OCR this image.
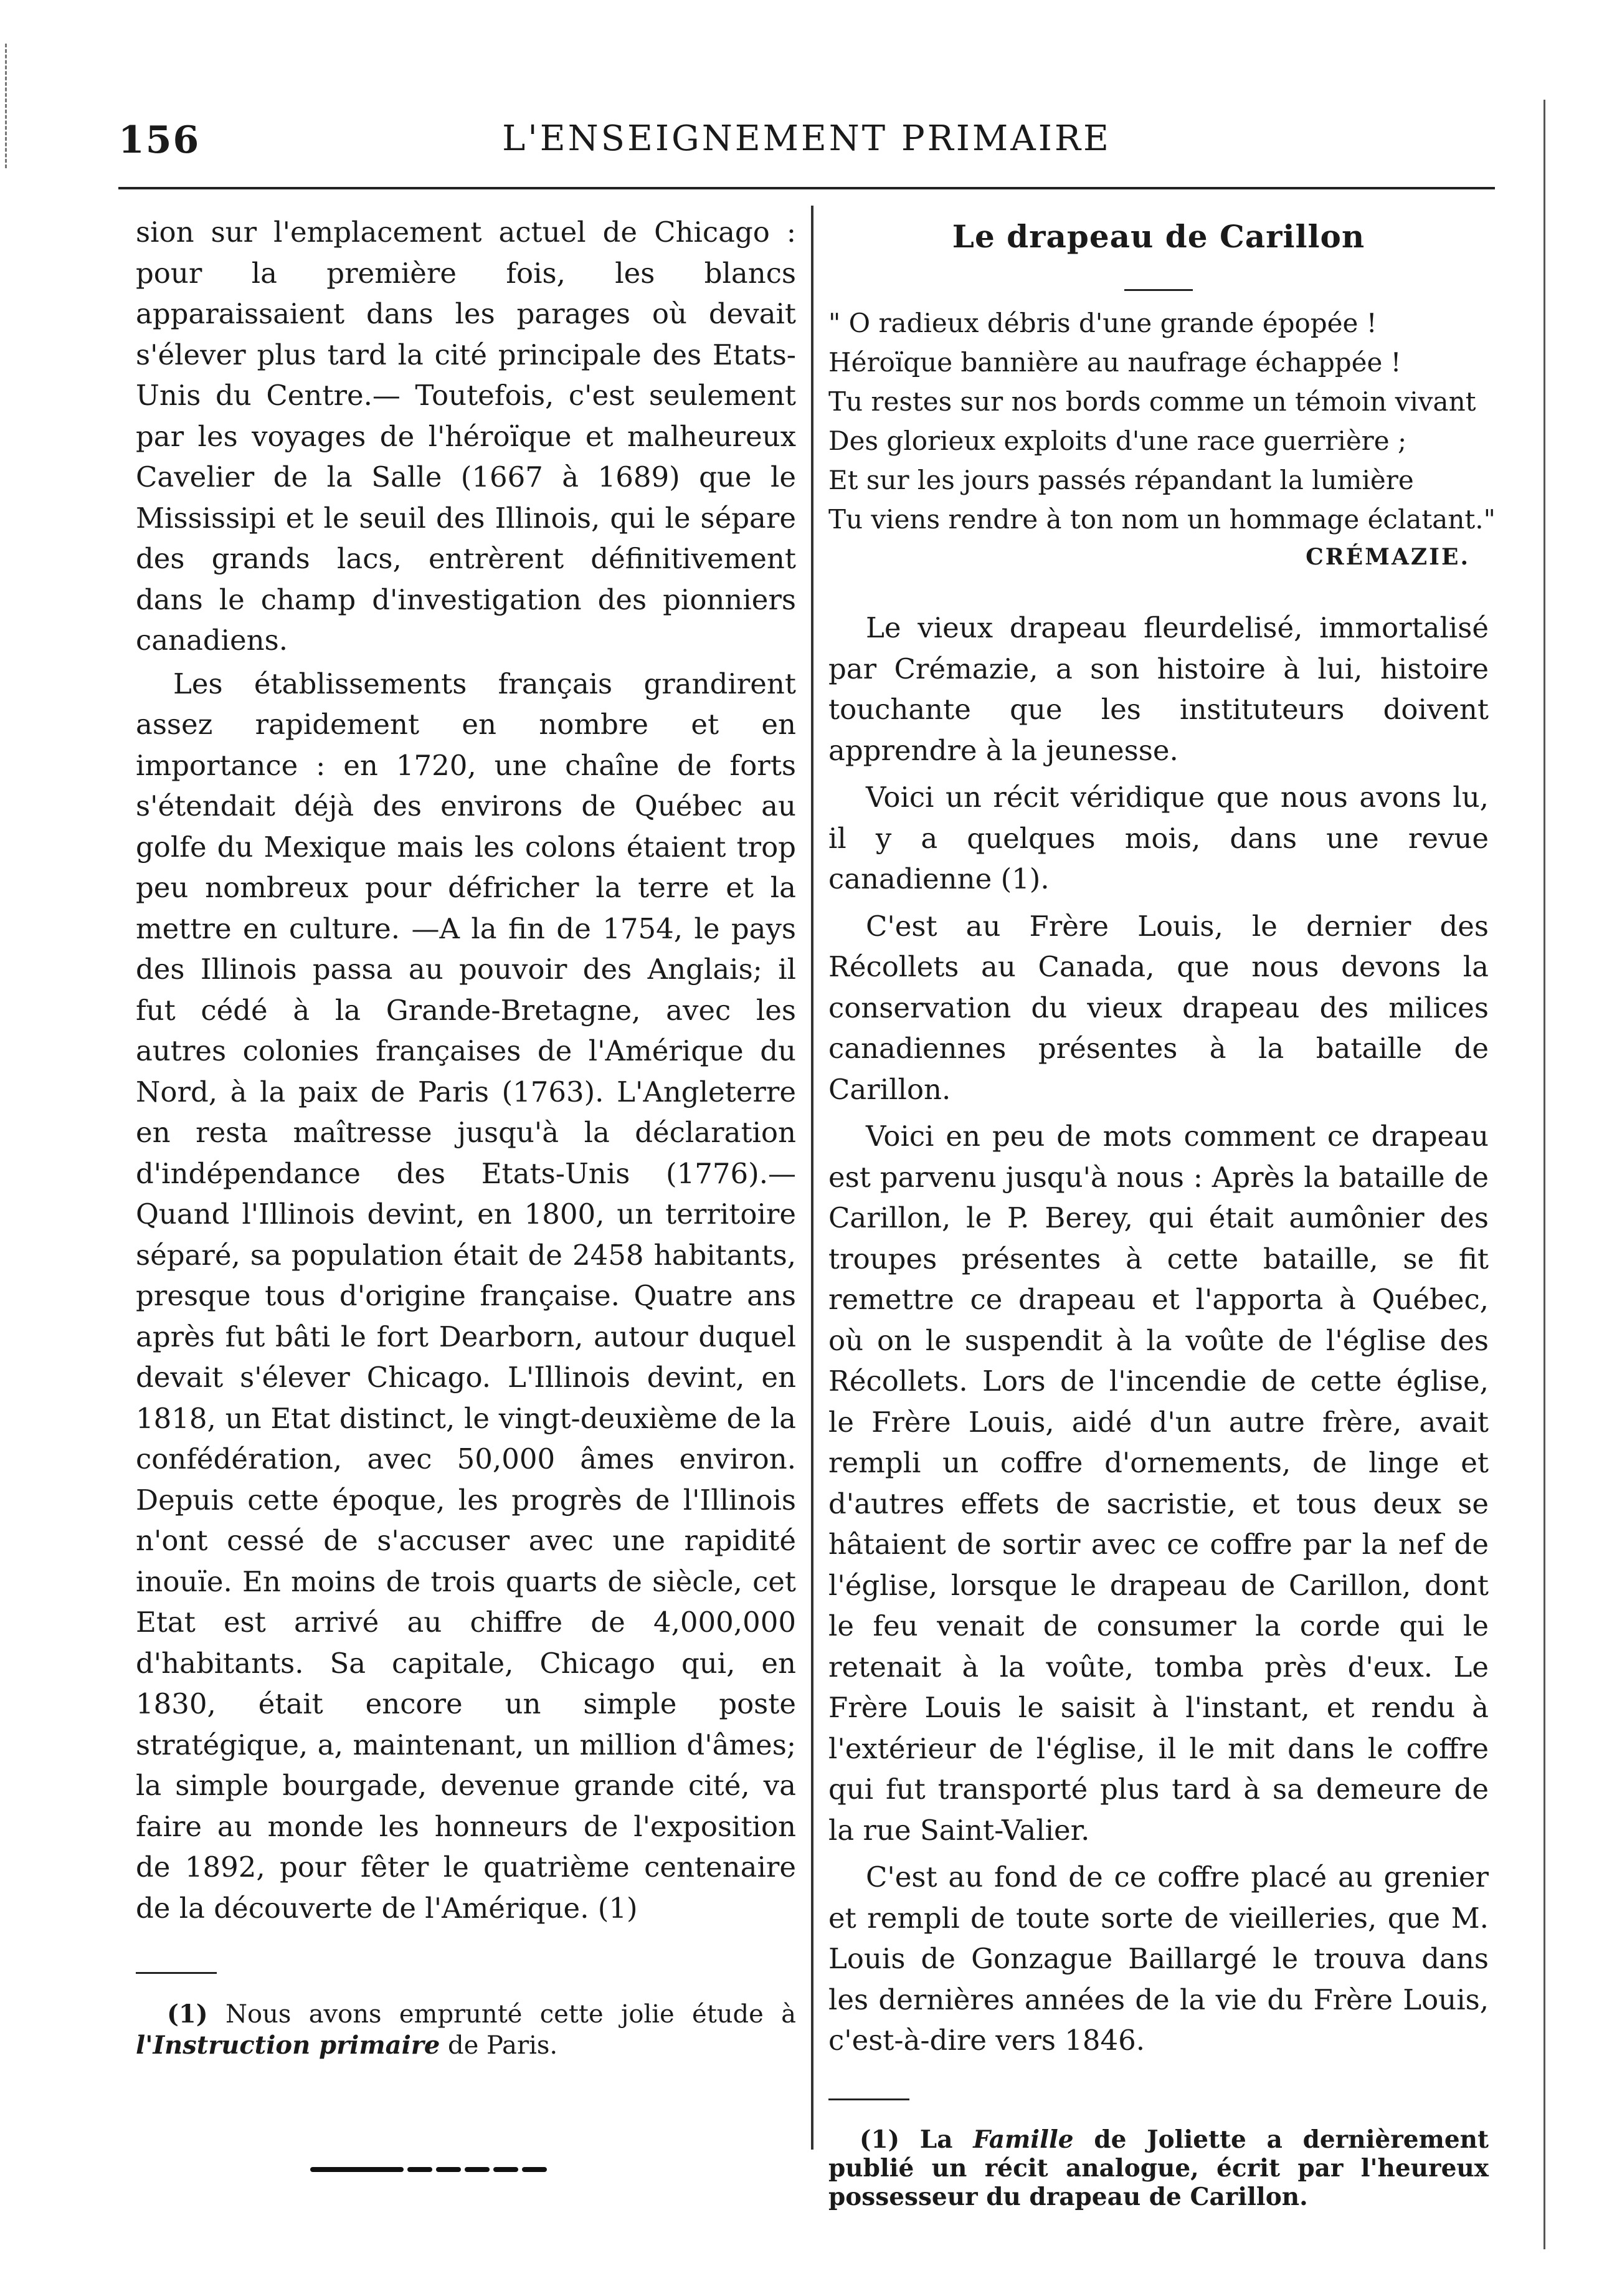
156	L'ENSEIGNEMENT PRIMAIRE

sion sur l'emplacement actuel de Chicago : pour la première fois, les blancs apparaissaient dans les parages où devait s'élever plus tard la cité principale des Etats-Unis du Centre.— Toutefois, c'est seulement par les voyages de l'héroïque et malheureux Cavelier de la Salle (1667 à 1689) que le Mississipi et le seuil des Illinois, qui le sépare des grands lacs, entrèrent définitivement dans le champ d'investigation des pionniers canadiens.

Les établissements français grandirent assez rapidement en nombre et en importance : en 1720, une chaîne de forts s'étendait déjà des environs de Québec au golfe du Mexique mais les colons étaient trop peu nombreux pour défricher la terre et la mettre en culture. —A la fin de 1754, le pays des Illinois passa au pouvoir des Anglais; il fut cédé à la Grande-Bretagne, avec les autres colonies françaises de l'Amérique du Nord, à la paix de Paris (1763). L'Angleterre en resta maîtresse jusqu'à la déclaration d'indépendance des Etats-Unis (1776).—Quand l'Illinois devint, en 1800, un territoire séparé, sa population était de 2458 habitants, presque tous d'origine française. Quatre ans après fut bâti le fort Dearborn, autour duquel devait s'élever Chicago. L'Illinois devint, en 1818, un Etat distinct, le vingt-deuxième de la confédération, avec 50,000 âmes environ. Depuis cette époque, les progrès de l'Illinois n'ont cessé de s'accuser avec une rapidité inouïe. En moins de trois quarts de siècle, cet Etat est arrivé au chiffre de 4,000,000 d'habitants. Sa capitale, Chicago qui, en 1830, était encore un simple poste stratégique, a, maintenant, un million d'âmes; la simple bourgade, devenue grande cité, va faire au monde les honneurs de l'exposition de 1892, pour fêter le quatrième centenaire de la découverte de l'Amérique. (1)

(1) Nous avons emprunté cette jolie étude à l'Instruction primaire de Paris.
Le drapeau de Carillon
" O radieux débris d'une grande épopée !
Héroïque bannière au naufrage échappée !
Tu restes sur nos bords comme un témoin vivant
Des glorieux exploits d'une race guerrière ;
Et sur les jours passés répandant la lumière
Tu viens rendre à ton nom un hommage éclatant."
CRÉMAZIE.

Le vieux drapeau fleurdelisé, immortalisé par Crémazie, a son histoire à lui, histoire touchante que les instituteurs doivent apprendre à la jeunesse.

Voici un récit véridique que nous avons lu, il y a quelques mois, dans une revue canadienne (1).

C'est au Frère Louis, le dernier des Récollets au Canada, que nous devons la conservation du vieux drapeau des milices canadiennes présentes à la bataille de Carillon.

Voici en peu de mots comment ce drapeau est parvenu jusqu'à nous : Après la bataille de Carillon, le P. Berey, qui était aumônier des troupes présentes à cette bataille, se fit remettre ce drapeau et l'apporta à Québec, où on le suspendit à la voûte de l'église des Récollets. Lors de l'incendie de cette église, le Frère Louis, aidé d'un autre frère, avait rempli un coffre d'ornements, de linge et d'autres effets de sacristie, et tous deux se hâtaient de sortir avec ce coffre par la nef de l'église, lorsque le drapeau de Carillon, dont le feu venait de consumer la corde qui le retenait à la voûte, tomba près d'eux. Le Frère Louis le saisit à l'instant, et rendu à l'extérieur de l'église, il le mit dans le coffre qui fut transporté plus tard à sa demeure de la rue Saint-Valier.

C'est au fond de ce coffre placé au grenier et rempli de toute sorte de vieilleries, que M. Louis de Gonzague Baillargé le trouva dans les dernières années de la vie du Frère Louis, c'est-à-dire vers 1846.

(1) La Famille de Joliette a dernièrement publié un récit analogue, écrit par l'heureux possesseur du drapeau de Carillon.
